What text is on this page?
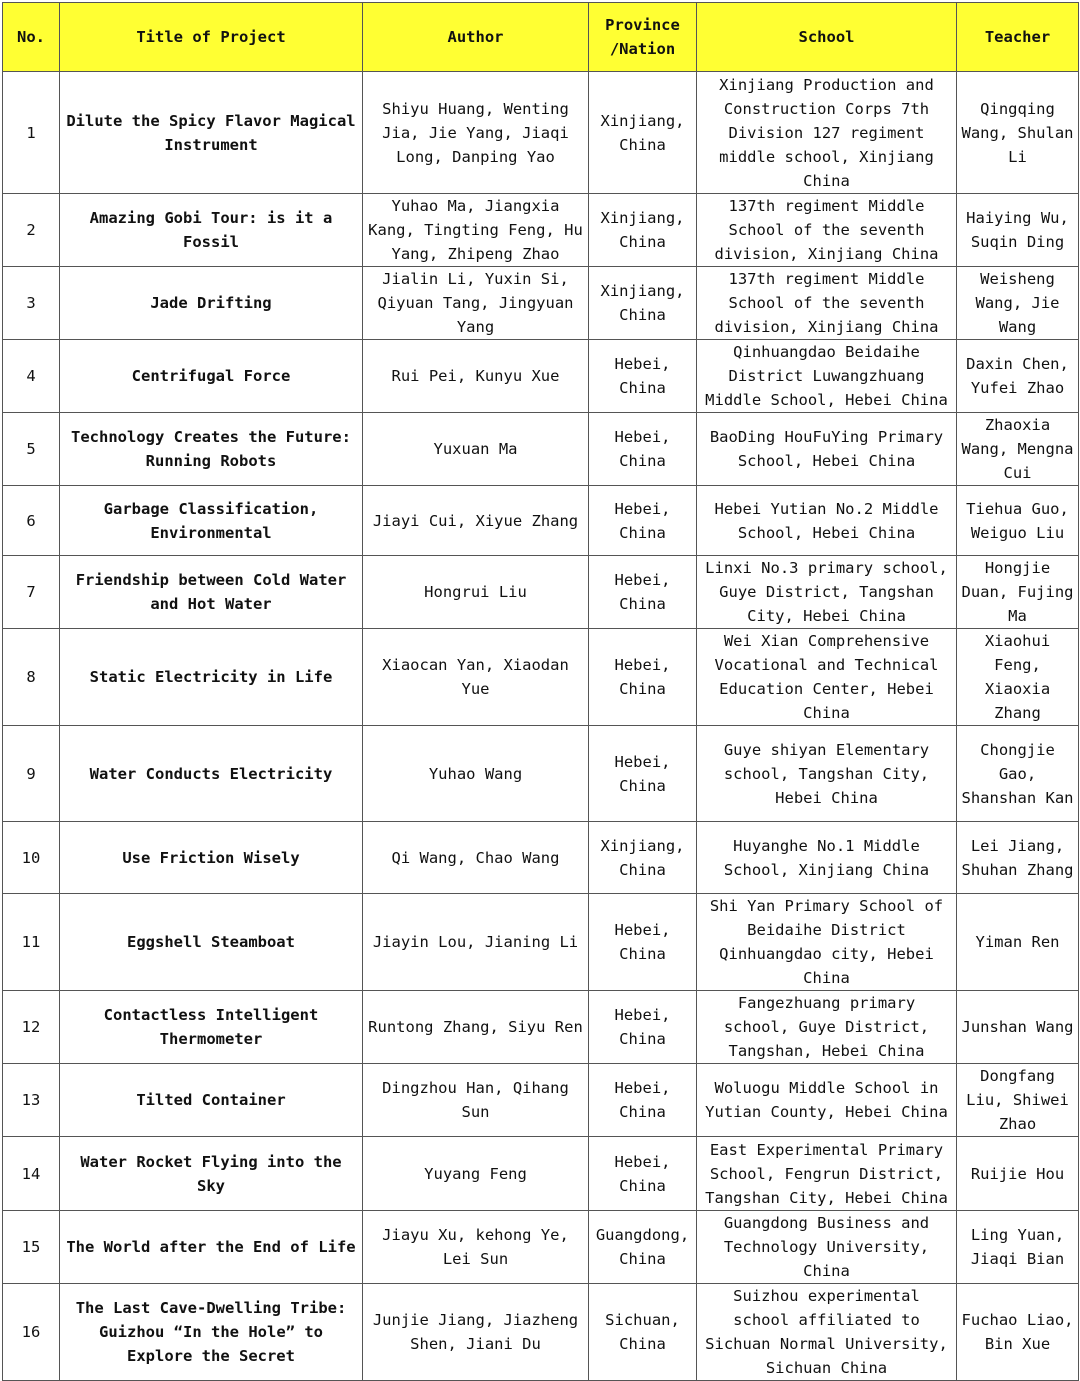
No.	Title of Project	Author	Province /Nation	School	Teacher
1	Dilute the Spicy Flavor Magical Instrument	Shiyu Huang, Wenting Jia, Jie Yang, Jiaqi Long, Danping Yao	Xinjiang, China	Xinjiang Production and Construction Corps 7th Division 127 regiment middle school, Xinjiang China	Qingqing Wang, Shulan Li
2	Amazing Gobi Tour: is it a Fossil	Yuhao Ma, Jiangxia Kang, Tingting Feng, Hu Yang, Zhipeng Zhao	Xinjiang, China	137th regiment Middle School of the seventh division, Xinjiang China	Haiying Wu, Suqin Ding
3	Jade Drifting	Jialin Li, Yuxin Si, Qiyuan Tang, Jingyuan Yang	Xinjiang, China	137th regiment Middle School of the seventh division, Xinjiang China	Weisheng Wang, Jie Wang
4	Centrifugal Force	Rui Pei, Kunyu Xue	Hebei, China	Qinhuangdao Beidaihe District Luwangzhuang Middle School, Hebei China	Daxin Chen, Yufei Zhao
5	Technology Creates the Future: Running Robots	Yuxuan Ma	Hebei, China	BaoDing HouFuYing Primary School, Hebei China	Zhaoxia Wang, Mengna Cui
6	Garbage Classification, Environmental	Jiayi Cui, Xiyue Zhang	Hebei, China	Hebei Yutian No.2 Middle School, Hebei China	Tiehua Guo, Weiguo Liu
7	Friendship between Cold Water and Hot Water	Hongrui Liu	Hebei, China	Linxi No.3 primary school, Guye District, Tangshan City, Hebei China	Hongjie Duan, Fujing Ma
8	Static Electricity in Life	Xiaocan Yan, Xiaodan Yue	Hebei, China	Wei Xian Comprehensive Vocational and Technical Education Center, Hebei China	Xiaohui Feng, Xiaoxia Zhang
9	Water Conducts Electricity	Yuhao Wang	Hebei, China	Guye shiyan Elementary school, Tangshan City, Hebei China	Chongjie Gao, Shanshan Kan
10	Use Friction Wisely	Qi Wang, Chao Wang	Xinjiang, China	Huyanghe No.1 Middle School, Xinjiang China	Lei Jiang, Shuhan Zhang
11	Eggshell Steamboat	Jiayin Lou, Jianing Li	Hebei, China	Shi Yan Primary School of Beidaihe District Qinhuangdao city, Hebei China	Yiman Ren
12	Contactless Intelligent Thermometer	Runtong Zhang, Siyu Ren	Hebei, China	Fangezhuang primary school, Guye District, Tangshan, Hebei China	Junshan Wang
13	Tilted Container	Dingzhou Han, Qihang Sun	Hebei, China	Woluogu Middle School in Yutian County, Hebei China	Dongfang Liu, Shiwei Zhao
14	Water Rocket Flying into the Sky	Yuyang Feng	Hebei, China	East Experimental Primary School, Fengrun District, Tangshan City, Hebei China	Ruijie Hou
15	The World after the End of Life	Jiayu Xu, kehong Ye, Lei Sun	Guangdong, China	Guangdong Business and Technology University, China	Ling Yuan, Jiaqi Bian
16	The Last Cave-Dwelling Tribe: Guizhou “In the Hole” to Explore the Secret	Junjie Jiang, Jiazheng Shen, Jiani Du	Sichuan, China	Suizhou experimental school affiliated to Sichuan Normal University, Sichuan China	Fuchao Liao, Bin Xue
